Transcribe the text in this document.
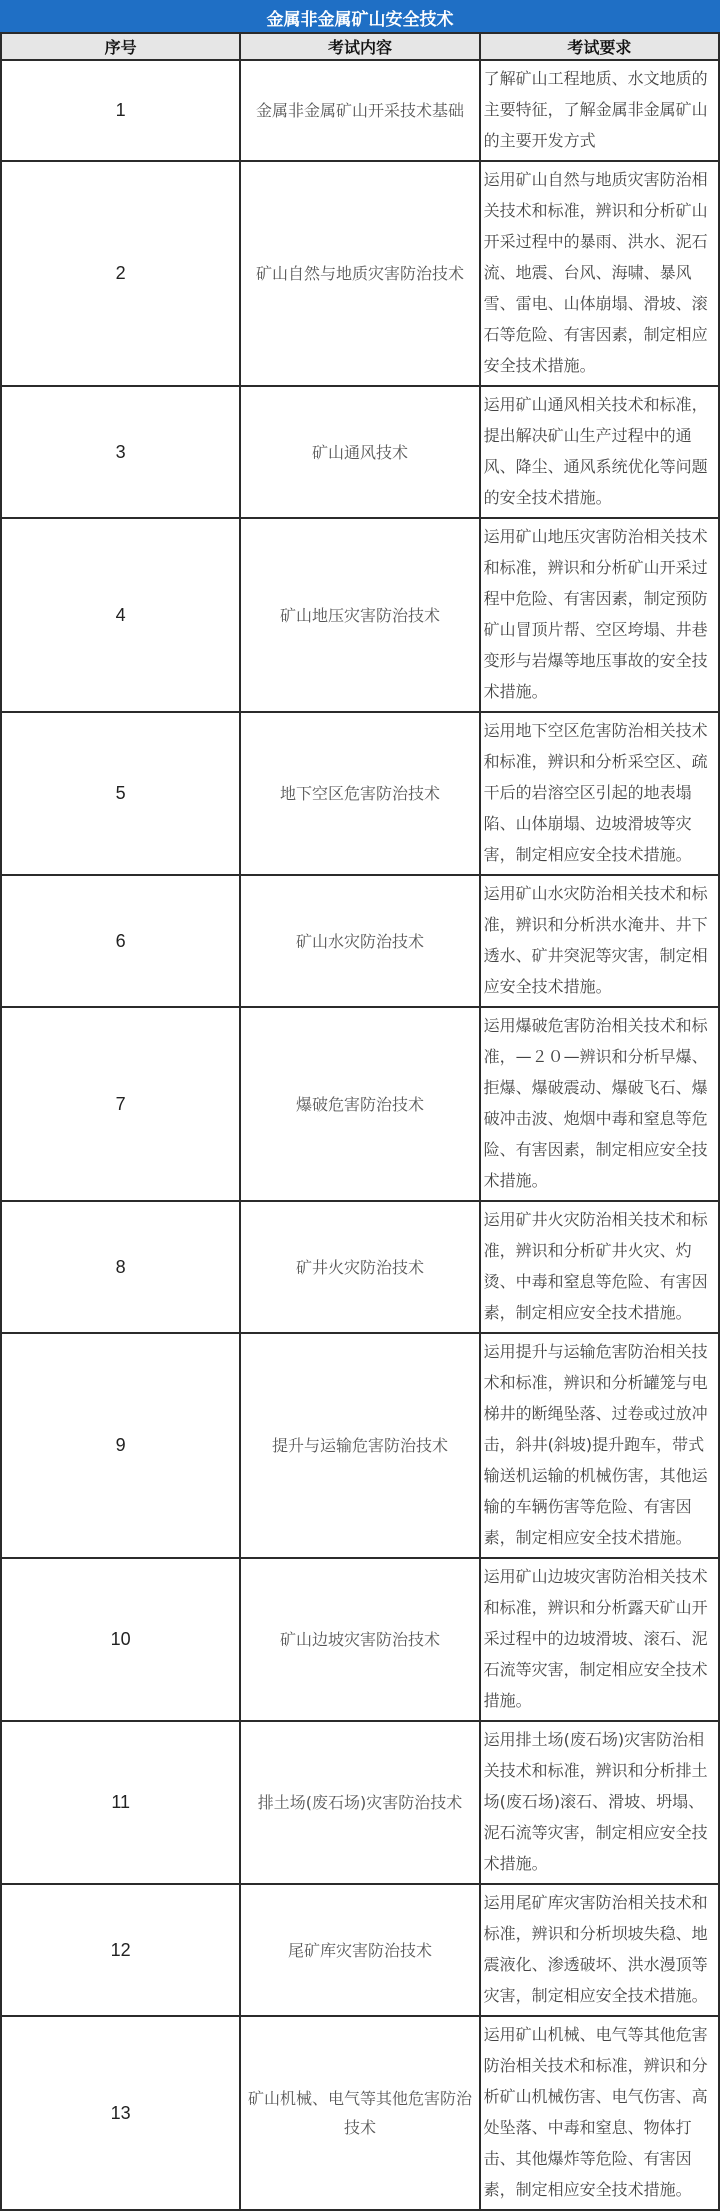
金属非金属矿山安全技术		
序号	考试内容	考试要求
1	金属非金属矿山开采技术基础	了解矿山工程地质、水文地质的主要特征，了解金属非金属矿山的主要开发方式
2	矿山自然与地质灾害防治技术	运用矿山自然与地质灾害防治相关技术和标准，辨识和分析矿山开采过程中的暴雨、洪水、泥石流、地震、台风、海啸、暴风雪、雷电、山体崩塌、滑坡、滚石等危险、有害因素，制定相应安全技术措施。
3	矿山通风技术	运用矿山通风相关技术和标准，提出解决矿山生产过程中的通风、降尘、通风系统优化等问题的安全技术措施。
4	矿山地压灾害防治技术	运用矿山地压灾害防治相关技术和标准，辨识和分析矿山开采过程中危险、有害因素，制定预防矿山冒顶片帮、空区垮塌、井巷变形与岩爆等地压事故的安全技术措施。
5	地下空区危害防治技术	运用地下空区危害防治相关技术和标准，辨识和分析采空区、疏干后的岩溶空区引起的地表塌陷、山体崩塌、边坡滑坡等灾害，制定相应安全技术措施。
6	矿山水灾防治技术	运用矿山水灾防治相关技术和标准，辨识和分析洪水淹井、井下透水、矿井突泥等灾害，制定相应安全技术措施。
7	爆破危害防治技术	运用爆破危害防治相关技术和标准，—２０—辨识和分析早爆、拒爆、爆破震动、爆破飞石、爆破冲击波、炮烟中毒和窒息等危险、有害因素，制定相应安全技术措施。
8	矿井火灾防治技术	运用矿井火灾防治相关技术和标准，辨识和分析矿井火灾、灼烫、中毒和窒息等危险、有害因素，制定相应安全技术措施。
9	提升与运输危害防治技术	运用提升与运输危害防治相关技术和标准，辨识和分析罐笼与电梯井的断绳坠落、过卷或过放冲击，斜井(斜坡)提升跑车，带式输送机运输的机械伤害，其他运输的车辆伤害等危险、有害因素，制定相应安全技术措施。
10	矿山边坡灾害防治技术	运用矿山边坡灾害防治相关技术和标准，辨识和分析露天矿山开采过程中的边坡滑坡、滚石、泥石流等灾害，制定相应安全技术措施。
11	排土场(废石场)灾害防治技术	运用排土场(废石场)灾害防治相关技术和标准，辨识和分析排土场(废石场)滚石、滑坡、坍塌、泥石流等灾害，制定相应安全技术措施。
12	尾矿库灾害防治技术	运用尾矿库灾害防治相关技术和标准，辨识和分析坝坡失稳、地震液化、渗透破坏、洪水漫顶等灾害，制定相应安全技术措施。
13	矿山机械、电气等其他危害防治技术	运用矿山机械、电气等其他危害防治相关技术和标准，辨识和分析矿山机械伤害、电气伤害、高处坠落、中毒和窒息、物体打击、其他爆炸等危险、有害因素，制定相应安全技术措施。
